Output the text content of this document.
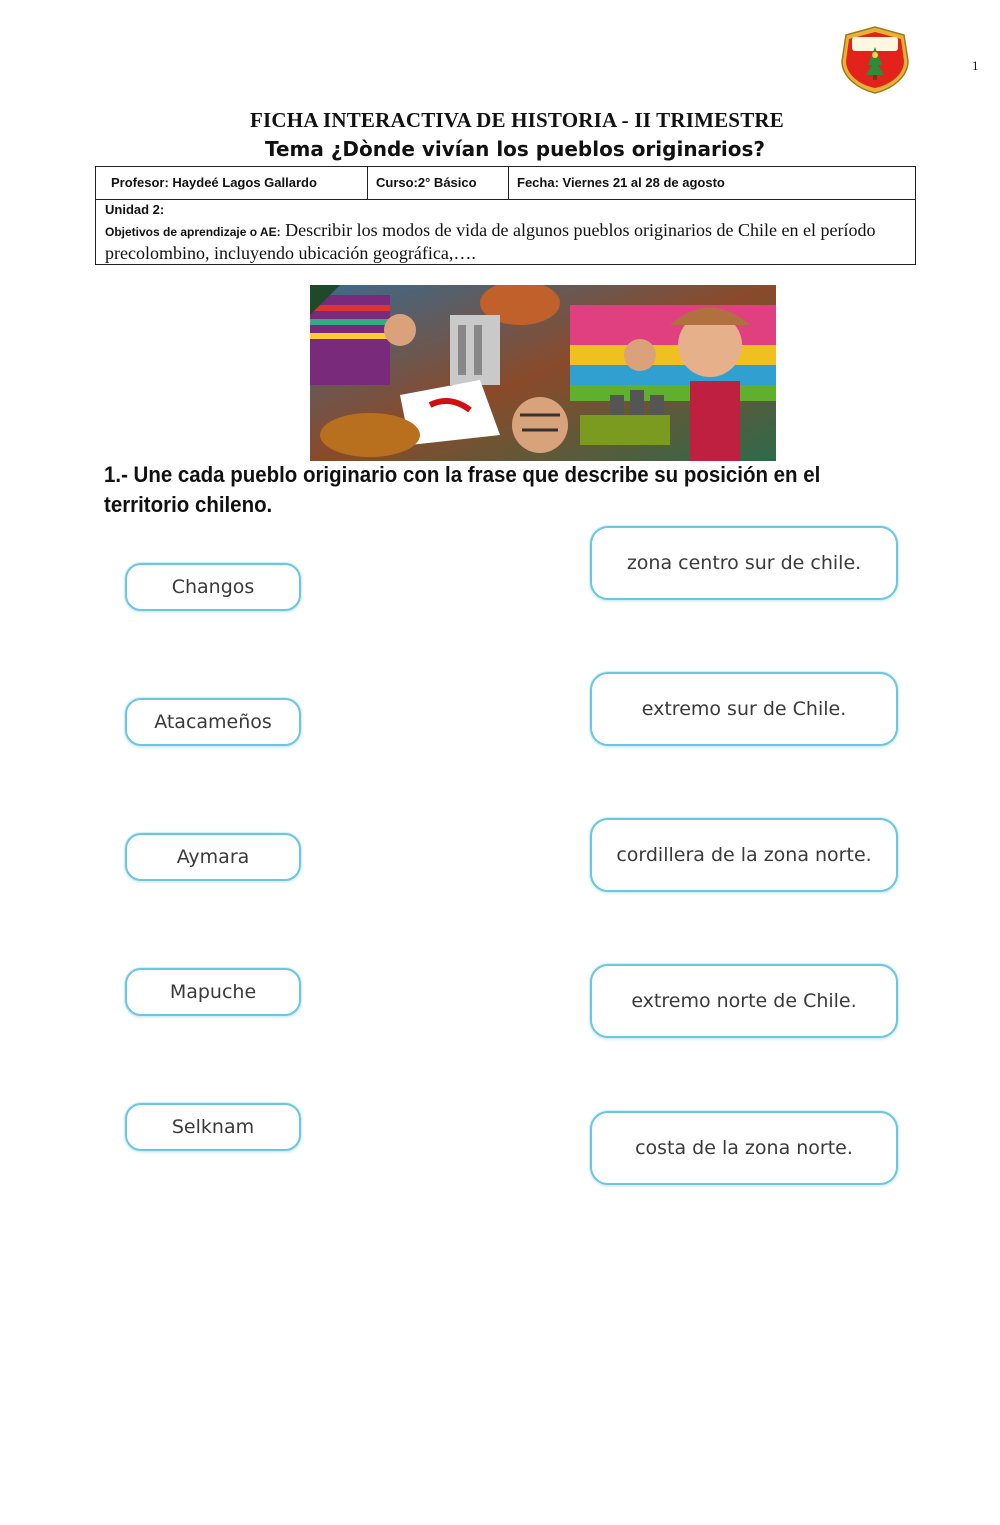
1
FICHA INTERACTIVA DE HISTORIA - II TRIMESTRE
Tema ¿Dònde vivían los pueblos originarios?
Profesor: Haydeé Lagos Gallardo	Curso:2° Básico	Fecha: Viernes 21 al 28 de agosto
Unidad 2:
Objetivos de aprendizaje o AE: Describir los modos de vida de algunos pueblos originarios de Chile en el período precolombino, incluyendo ubicación geográfica,….
1.- Une cada pueblo originario con la frase que describe su posición en el territorio chileno.
Changos
Atacameños
Aymara
Mapuche
Selknam
zona centro sur de chile.
extremo sur de Chile.
cordillera de la zona norte.
extremo norte de Chile.
costa de la zona norte.
